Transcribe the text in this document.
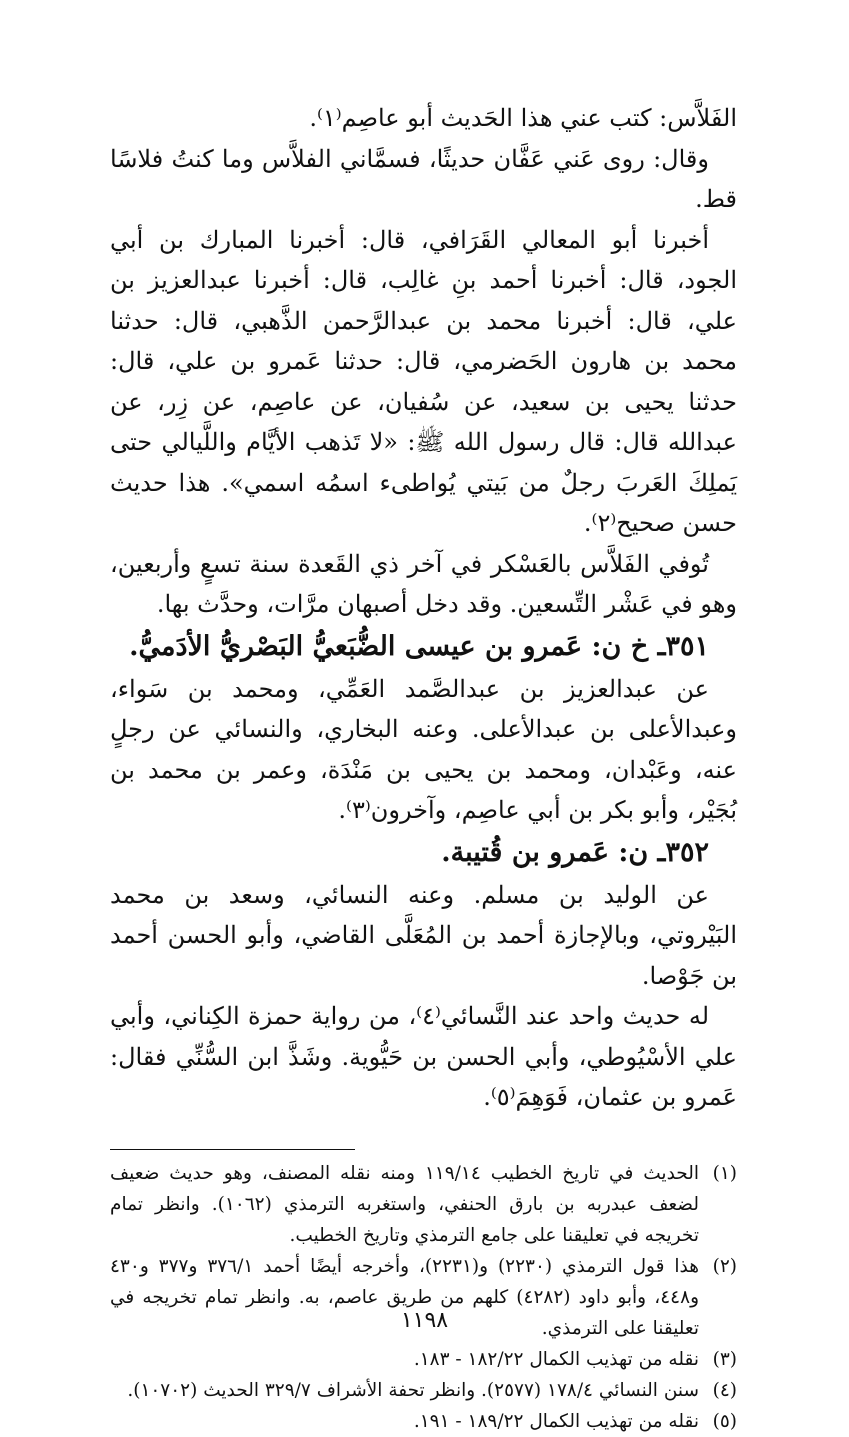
الفَلاَّس: كتب عني هذا الحَديث أبو عاصِم⁽١⁾.

وقال: روى عَني عَفَّان حديثًا، فسمَّاني الفلاَّس وما كنتُ فلاسًا قط.

أخبرنا أبو المعالي القَرَافي، قال: أخبرنا المبارك بن أبي الجود، قال: أخبرنا أحمد بنِ غالِب، قال: أخبرنا عبدالعزيز بن علي، قال: أخبرنا محمد بن عبدالرَّحمن الذَّهبي، قال: حدثنا محمد بن هارون الحَضرمي، قال: حدثنا عَمرو بن علي، قال: حدثنا يحيى بن سعيد، عن سُفيان، عن عاصِم، عن زِر، عن عبدالله قال: قال رسول الله ﷺ: «لا تَذهب الأيَّام واللَّيالي حتى يَملِكَ العَربَ رجلٌ من بَيتي يُواطىء اسمُه اسمي». هذا حديث حسن صحيح⁽٢⁾.

تُوفي الفَلاَّس بالعَسْكر في آخر ذي القَعدة سنة تسعٍ وأربعين، وهو في عَشْر التِّسعين. وقد دخل أصبهان مرَّات، وحدَّث بها.

٣٥١ـ خ ن: عَمرو بن عيسى الضُّبَعيُّ البَصْريُّ الأدَميُّ.

عن عبدالعزيز بن عبدالصَّمد العَمِّي، ومحمد بن سَواء، وعبدالأعلى بن عبدالأعلى. وعنه البخاري، والنسائي عن رجلٍ عنه، وعَبْدان، ومحمد بن يحيى بن مَنْدَة، وعمر بن محمد بن بُجَيْر، وأبو بكر بن أبي عاصِم، وآخرون⁽٣⁾.

٣٥٢ـ ن: عَمرو بن قُتيبة.

عن الوليد بن مسلم. وعنه النسائي، وسعد بن محمد البَيْروتي، وبالإجازة أحمد بن المُعَلَّى القاضي، وأبو الحسن أحمد بن جَوْصا.

له حديث واحد عند النَّسائي⁽٤⁾، من رواية حمزة الكِناني، وأبي علي الأسْيُوطي، وأبي الحسن بن حَيُّوية. وشَذَّ ابن السُّنِّي فقال: عَمرو بن عثمان، فَوَهِمَ⁽٥⁾.

(١)
الحديث في تاريخ الخطيب ١١٩/١٤ ومنه نقله المصنف، وهو حديث ضعيف لضعف عبدربه بن بارق الحنفي، واستغربه الترمذي (١٠٦٢). وانظر تمام تخريجه في تعليقنا على جامع الترمذي وتاريخ الخطيب.
(٢)
هذا قول الترمذي (٢٢٣٠) و(٢٢٣١)، وأخرجه أيضًا أحمد ٣٧٦/١ و٣٧٧ و٤٣٠ و٤٤٨، وأبو داود (٤٢٨٢) كلهم من طريق عاصم، به. وانظر تمام تخريجه في تعليقنا على الترمذي.
(٣)
نقله من تهذيب الكمال ١٨٢/٢٢ - ١٨٣.
(٤)
سنن النسائي ١٧٨/٤ (٢٥٧٧). وانظر تحفة الأشراف ٣٢٩/٧ الحديث (١٠٧٠٢).
(٥)
نقله من تهذيب الكمال ١٨٩/٢٢ - ١٩١.
١١٩٨
